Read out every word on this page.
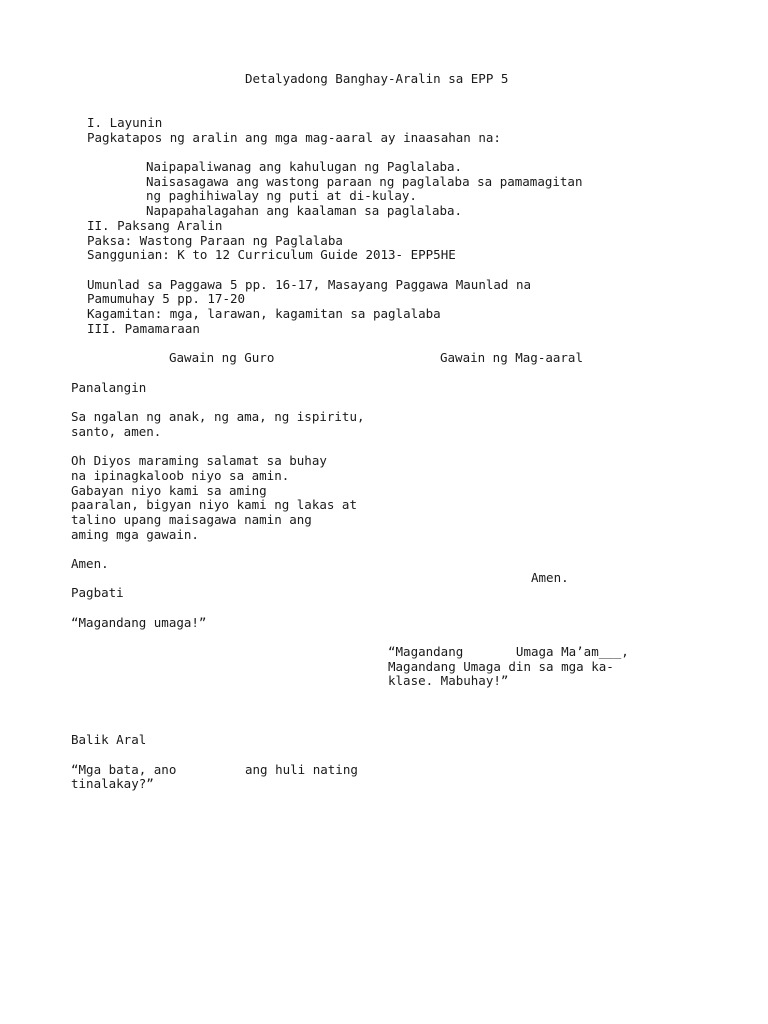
Detalyadong Banghay-Aralin sa EPP 5
I. Layunin
Pagkatapos ng aralin ang mga mag-aaral ay inaasahan na:
Naipapaliwanag ang kahulugan ng Paglalaba.
Naisasagawa ang wastong paraan ng paglalaba sa pamamagitan
ng paghihiwalay ng puti at di-kulay.
Napapahalagahan ang kaalaman sa paglalaba.
II. Paksang Aralin
Paksa: Wastong Paraan ng Paglalaba
Sanggunian: K to 12 Curriculum Guide 2013- EPP5HE
Umunlad sa Paggawa 5 pp. 16-17, Masayang Paggawa Maunlad na
Pamumuhay 5 pp. 17-20
Kagamitan: mga, larawan, kagamitan sa paglalaba
III. Pamamaraan
Gawain ng Guro	Gawain ng Mag-aaral
Panalangin
Sa ngalan ng anak, ng ama, ng ispiritu,
santo, amen.
Oh Diyos maraming salamat sa buhay
na ipinagkaloob niyo sa amin.
Gabayan niyo kami sa aming
paaralan, bigyan niyo kami ng lakas at
talino upang maisagawa namin ang
aming mga gawain.
Amen.
Amen.
Pagbati
“Magandang umaga!”
“Magandang       Umaga Ma’am___,
Magandang Umaga din sa mga ka-
klase. Mabuhay!”
Balik Aral
“Mga bata, ano	ang huli nating
tinalakay?”
